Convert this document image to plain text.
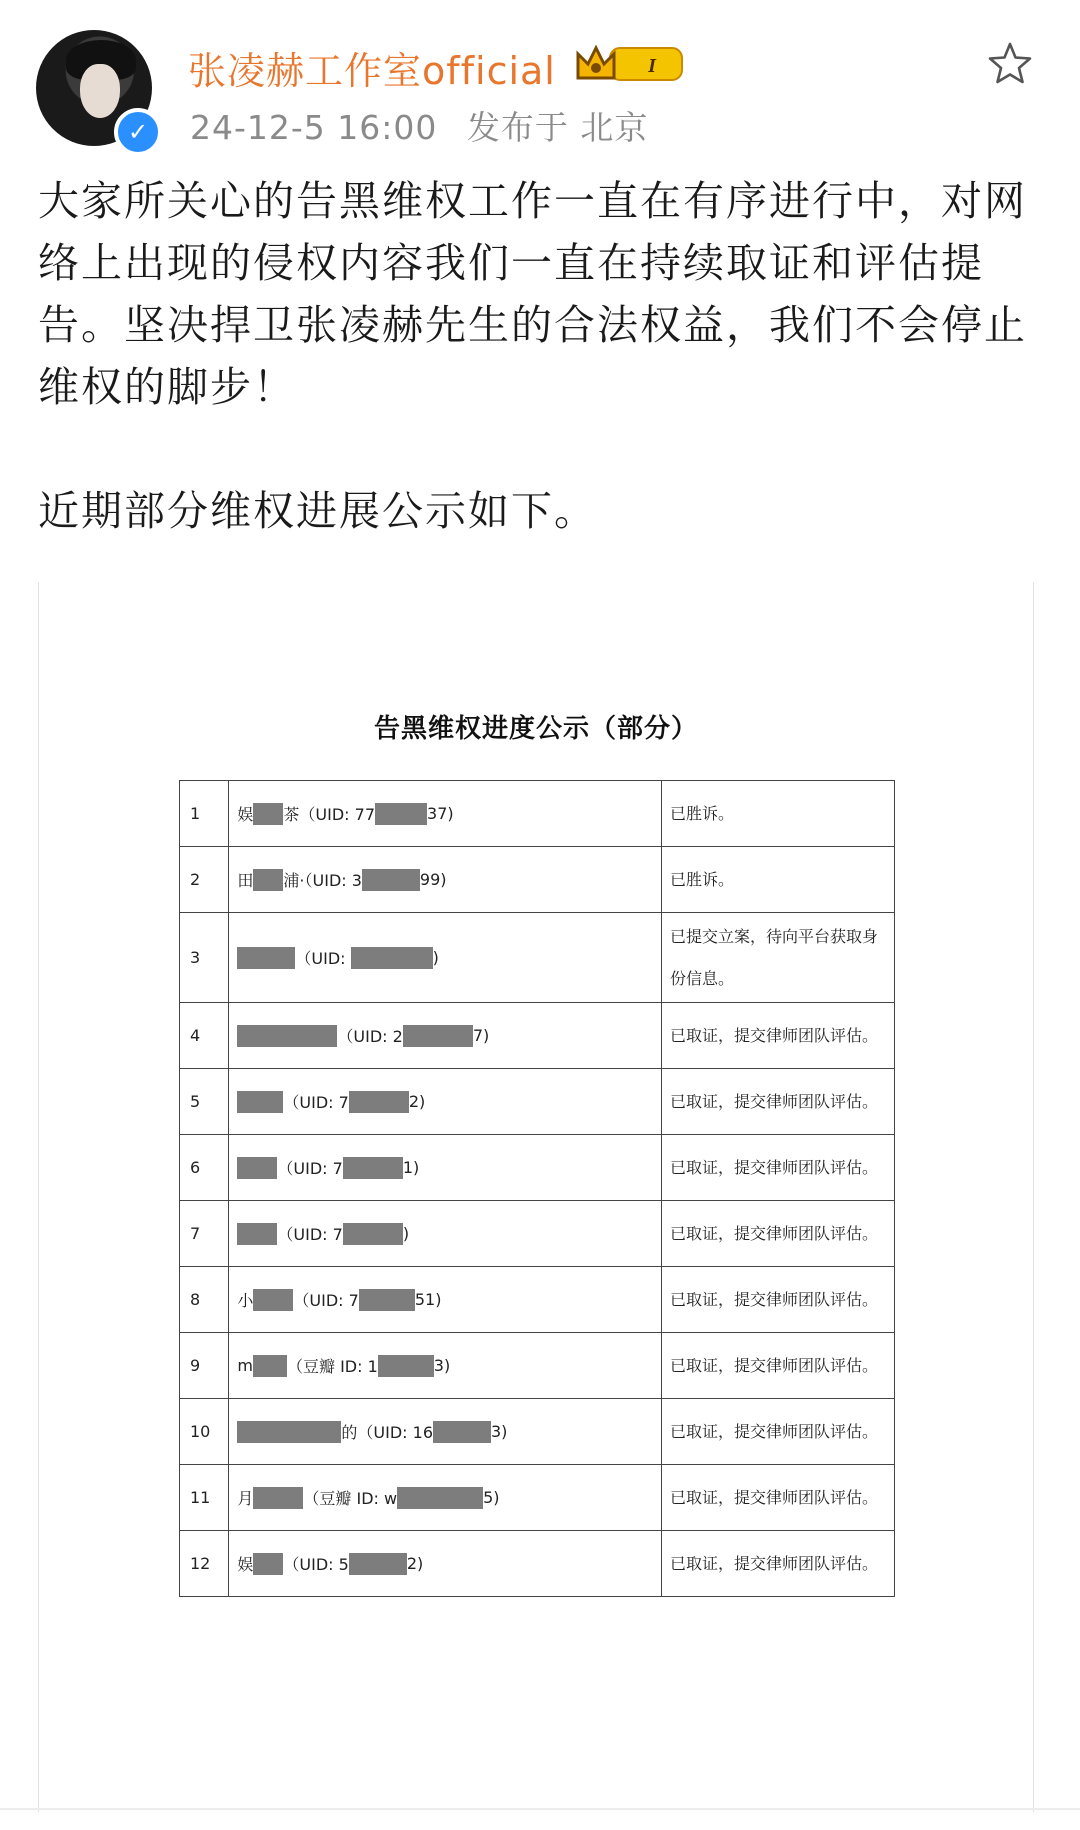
✓
张凌赫工作室official	I
24-12-5 16:00 发布于 北京

大家所关心的告黑维权工作一直在有序进行中，对网络上出现的侵权内容我们一直在持续取证和评估提告。坚决捍卫张凌赫先生的合法权益，我们不会停止维权的脚步！

近期部分维权进展公示如下。

告黑维权进度公示（部分）
1	娱 茶（UID: 77 37)	已胜诉。
2	田 浦·（UID: 3 99)	已胜诉。
3	（UID: )	已提交立案，待向平台获取身份信息。
4	（UID: 2 7)	已取证，提交律师团队评估。
5	（UID: 7 2)	已取证，提交律师团队评估。
6	（UID: 7 1)	已取证，提交律师团队评估。
7	（UID: 7 )	已取证，提交律师团队评估。
8	小 （UID: 7 51)	已取证，提交律师团队评估。
9	m （豆瓣 ID: 1 3)	已取证，提交律师团队评估。
10	的（UID: 16 3)	已取证，提交律师团队评估。
11	月 （豆瓣 ID: w 5)	已取证，提交律师团队评估。
12	娱 （UID: 5 2)	已取证，提交律师团队评估。
